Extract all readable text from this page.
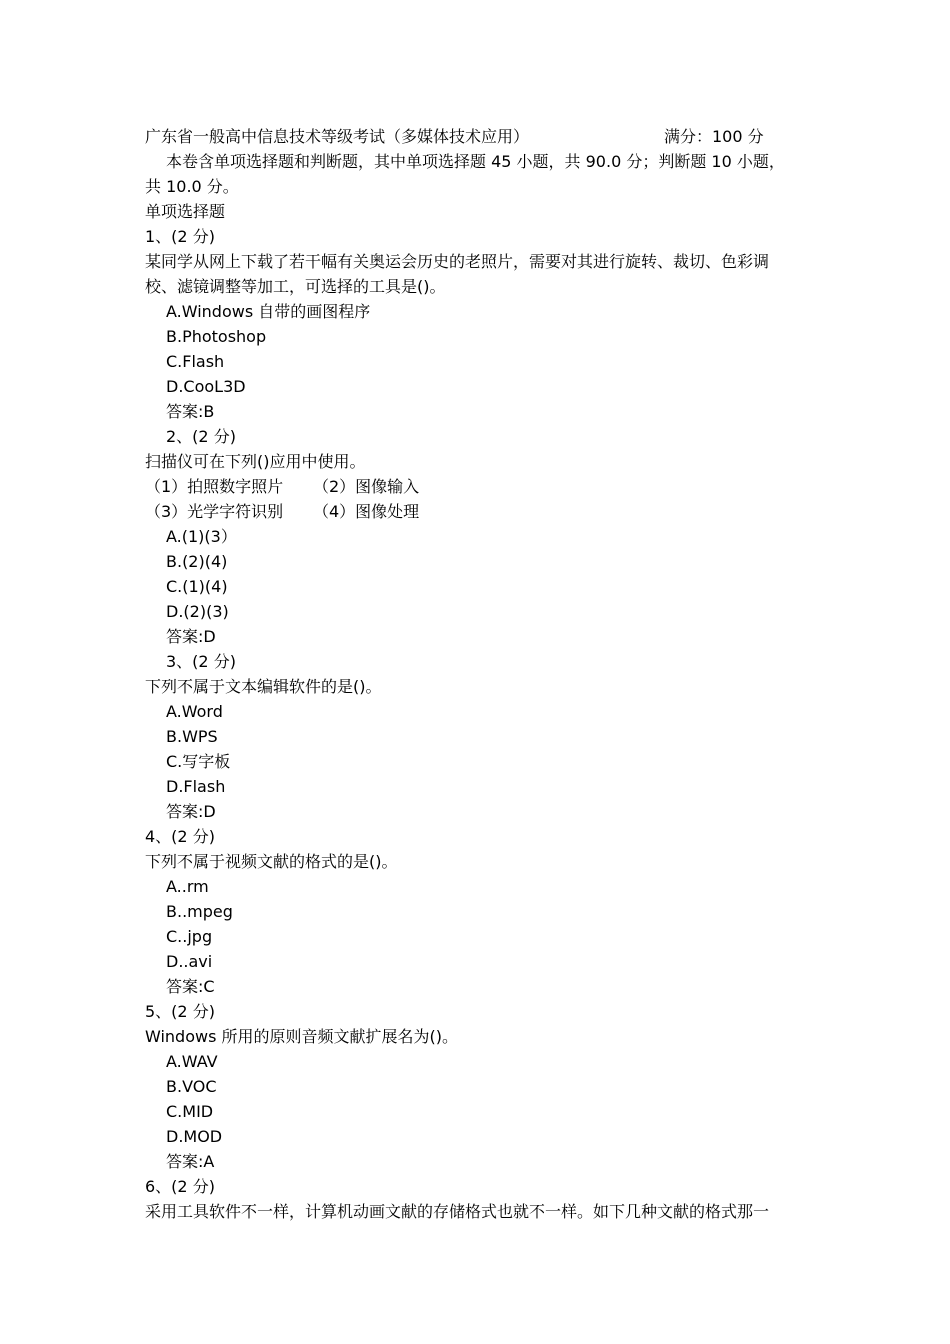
广东省一般高中信息技术等级考试（多媒体技术应用）	满分：100 分
本卷含单项选择题和判断题，其中单项选择题 45 小题，共 90.0 分；判断题 10 小题，
共 10.0 分。
单项选择题
1、(2 分)
某同学从网上下载了若干幅有关奥运会历史的老照片，需要对其进行旋转、裁切、色彩调
校、滤镜调整等加工，可选择的工具是()。
A.Windows 自带的画图程序
B.Photoshop
C.Flash
D.CooL3D
答案:B
2、(2 分)
扫描仪可在下列()应用中使用。
（1）拍照数字照片 （2）图像输入
（3）光学字符识别 （4）图像处理
A.(1)(3）
B.(2)(4)
C.(1)(4)
D.(2)(3)
答案:D
3、(2 分)
下列不属于文本编辑软件的是()。
A.Word
B.WPS
C.写字板
D.Flash
答案:D
4、(2 分)
下列不属于视频文献的格式的是()。
A..rm
B..mpeg
C..jpg
D..avi
答案:C
5、(2 分)
Windows 所用的原则音频文献扩展名为()。
A.WAV
B.VOC
C.MID
D.MOD
答案:A
6、(2 分)
采用工具软件不一样，计算机动画文献的存储格式也就不一样。如下几种文献的格式那一
